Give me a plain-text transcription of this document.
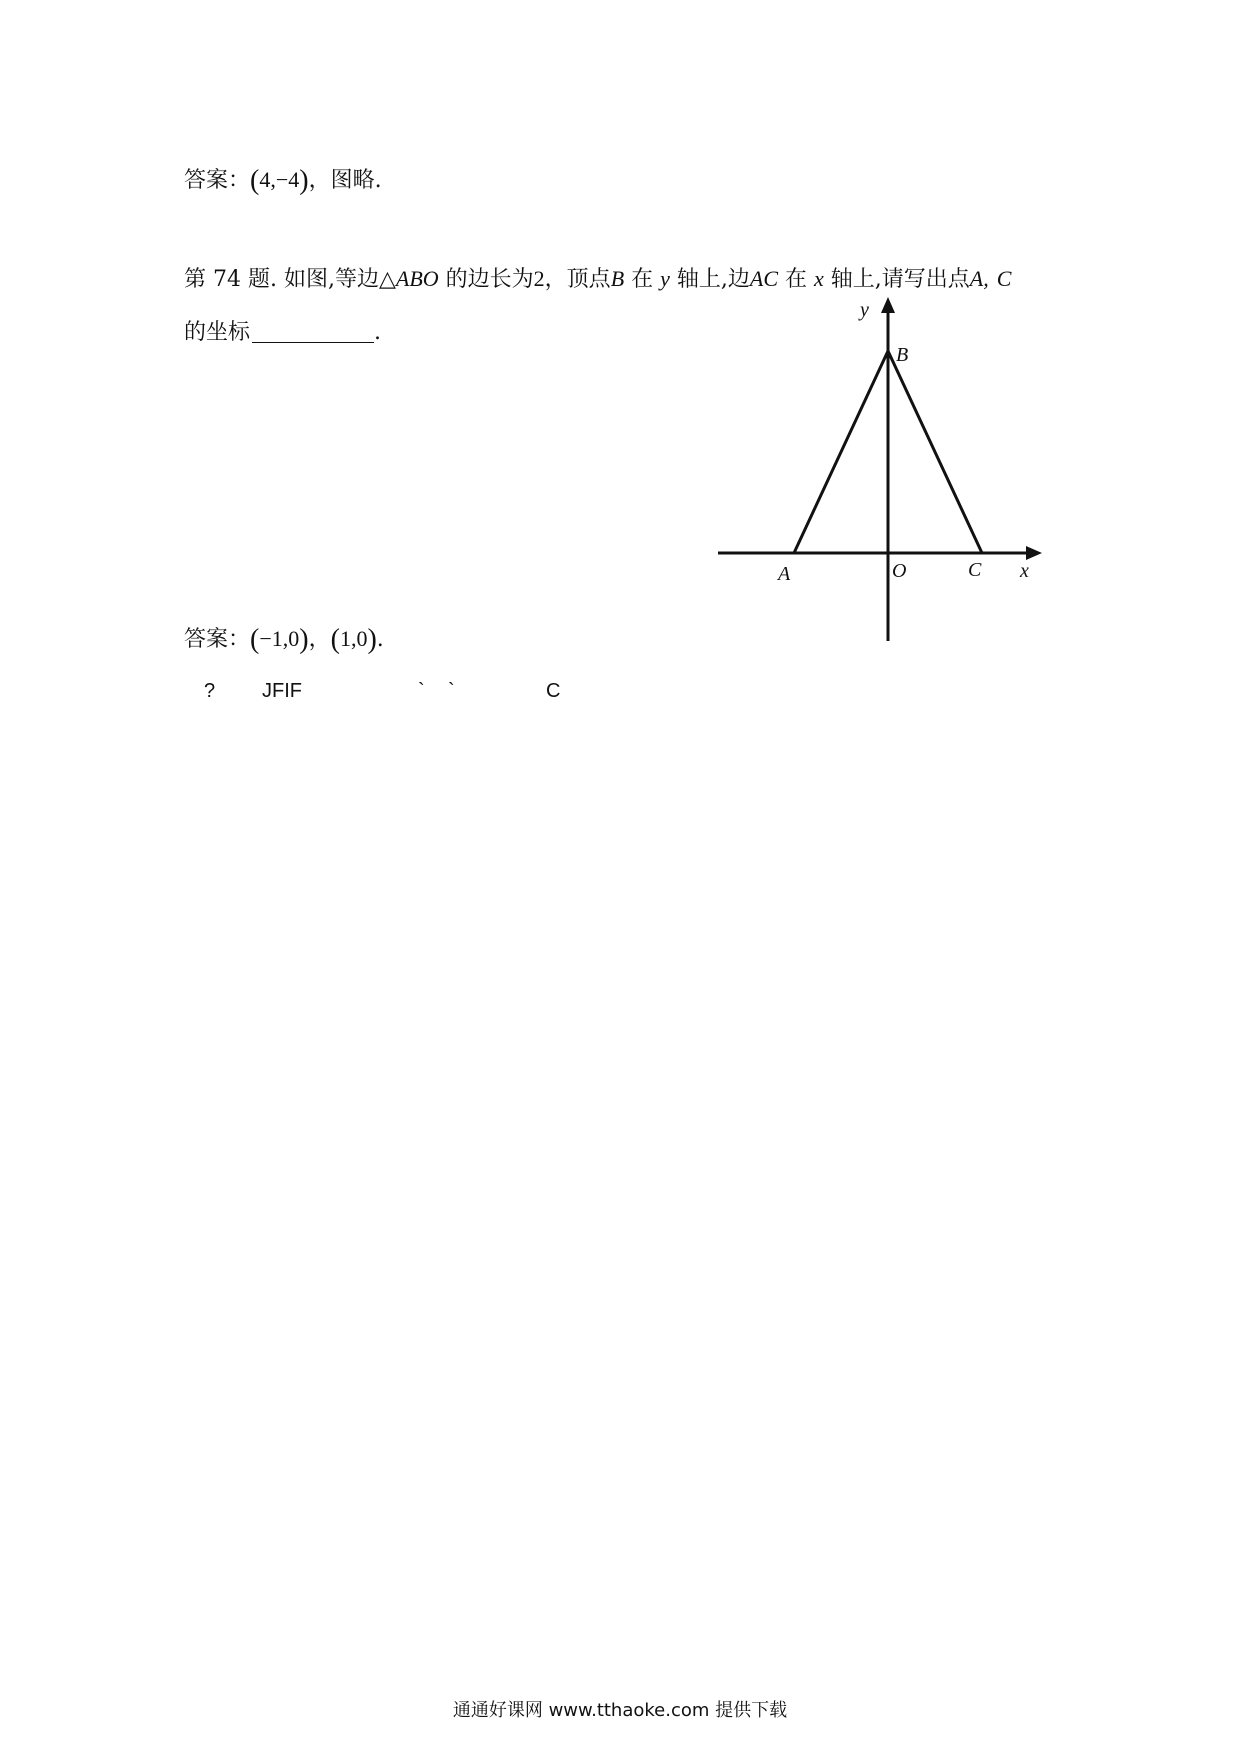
答案：(4,−4)，图略.
第 74 题. 如图,等边△ABO 的边长为2，顶点B 在 y 轴上,边AC 在 x 轴上,请写出点A, C
的坐标	.
y
B
A	O	C x
答案：(−1,0)，(1,0).
? JFIF	` `	C
通通好课网 www.tthaoke.com 提供下载
